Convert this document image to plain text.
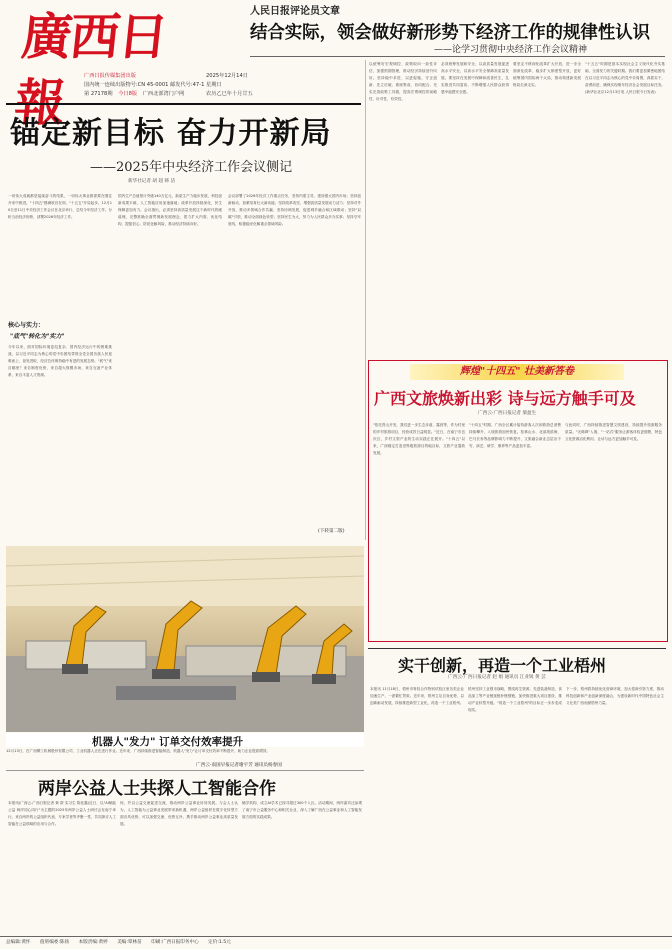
廣西日報	广西日报传媒集团出版
国内统一连续出版物号:CN 45-0001 邮发代号:47-1
第 27178期 今日8版 广西北部湾门户网
2025年12月14日
星期日
农历乙巳年十月廿五
人民日报评论员文章
结合实际，领会做好新形势下经济工作的规律性认识
——论学习贯彻中央经济工作会议精神
以统筹好宏观调控、政策取向一致性评估，加强预期管理，推动经济持续回升向好。坚持稳中求进、以进促稳，守正创新、先立后破，系统集成、协同配合，充实完善政策工具箱，提高宏观调控的前瞻性、针对性、有效性。
必须统筹发展和安全，以高质量发展促进高水平安全，以高水平安全保障高质量发展。要坚持在发展中保障和改善民生，扎实推进共同富裕，不断增强人民群众获得感幸福感安全感。
要坚定不移深化改革扩大开放，进一步全面深化改革，稳步扩大制度型开放，更好统筹国内国际两个大局，推动构建新发展格局走深走实。
"十五五"时期是基本实现社会主义现代化夯实基础、全面发力的关键时期。我们要更加紧密地团结在以习近平同志为核心的党中央周围，真抓实干，奋勇前进，确保实现明年经济社会发展目标任务。(新华社北京12月13日电 人民日报今日发表)
锚定新目标 奋力开新局
——2025年中央经济工作会议侧记
新华社记者 胡 超 韩 洁
一切伟大成就都是接续奋斗的结果，一切伟大事业都需要在继往开来中推进。"十四五"圆满收官在即，"十五五"开局起步。12月10日至11日中央经济工作会议在北京举行，总结今年经济工作，分析当前经济形势，部署2026年经济工作。
核心与实力：
"底气"转化为"实力"
今年以来，面对国际环境更趋复杂、国内经济运行中的困难挑战，以习近平同志为核心的党中央团结带领全党全国各族人民迎难而上、奋发进取，经济总体保持稳中有进的发展态势。"底气"来自哪里？来自制度优势，来自超大规模市场，来自完备产业体系，来自丰富人才资源。
国内生产总值预计突破140万亿元，新质生产力稳步发展，科技创新成果丰硕，人工智能应用加速落地；改革开放持续深化，民生保障更加有力。会议指出，必须坚持高质量发展这个新时代的硬道理，完整准确全面贯彻新发展理念，着力扩大内需、优化结构、提振信心、防范化解风险，推动经济持续向好。
会议部署了2026年经济工作重点任务，坚持内需主导，建设强大国内市场；坚持创新驱动，加紧培育壮大新动能；坚持改革攻坚，增强高质量发展动力活力；坚持对外开放，推动多领域合作共赢；坚持协调发展，促进城乡融合和区域联动；坚持"双碳"引领，推动全面绿色转型；坚持民生为大，努力为人民群众多办实事；坚持守牢底线，积极稳妥化解重点领域风险。
(下转第二版)
辉煌"十四五" 壮美新答卷
广西文旅焕新出彩 诗与远方触手可及
广西云-广西日报记者 梁盈生
"依托青山开发，我们进一步生态步道、露营等，作为村里的乡村旅游项目，经营成效日益明显。"近日，在南宁市良庆区，乡村文旅产业的生动实践正在展开。"十四五"以来，广西锚定打造世界级旅游目的地目标，文旅产业蓬勃发展。
"十四五"时期，广西全区累计接待游客人次和旅游总消费持续攀升，入境旅游加快恢复。桂林山水、北部湾滨海、巴马长寿等品牌影响力不断提升，文旅融合新业态层出不穷，演艺、研学、康养等产品更加丰富。
与此同时，广西持续推进智慧文旅建设，持续提升旅游服务质量。"无障碍"入境、"一站式"服务让游客体验更便捷，特色文化资源活化利用，让诗与远方更加触手可及。
机器人"发力" 订单交付效率提升
12月13日，在广西柳工机械股份有限公司，工业机器人正在进行作业。近年来，广西持续推进智能制造，机器人"发力"让订单交付效率不断提升，助力企业提质增效。
广西云-南国早报记者谢宇芳 通讯员杨春国
两岸公益人士共探人工智能合作
本报讯(广西云-广西日报记者 黄 群 实习生 陈佳鑫)近日，以"AI赋能公益 两岸同心同行"为主题的2025年两岸公益人士研讨会在南宁举行。来自两岸的公益组织代表、专家学者等齐聚一堂，共同探讨人工智能在公益领域的应用与合作。
何，并以公益交流促进交流，推动两岸公益事业协同发展。与会人士认为，人工智能为公益事业发展带来新机遇，两岸公益组织在数字化转型方面各具优势，可以加强交流、优势互补，携手推动两岸公益事业高质量发展。
辅学机构、成立AI学术已探寻超过300个入区。活动期间，两岸嘉宾还参观了南宁市公益服务中心和相关企业，深入了解广西在公益事业和人工智能发展方面的实践成果。
实干创新，再造一个工业梧州
广西云-广西日报记者 赵 娟 通讯员 江业锐 黄 芸
本报讯 11月18日，梧州市粤桂合作特别试验区里各类企业加速生产，一派繁忙景象。近年来，梧州立足自身优势，以创新驱动发展，持续推进新型工业化，再造一个工业梧州。
梧州坚持工业强市战略，围绕再生资源、先进装备制造、食品加工等产业链延链补链强链，加快推进重大项目建设，推动产业转型升级。"再造一个工业梧州"的目标正一步步变成现实。
下一步，梧州将持续优化营商环境，加大招商引资力度，推动科技创新和产业创新深度融合，为建设新时代中国特色社会主义壮美广西贡献梧州力量。
总编辑:黄怀 值班编委:陈扬 本版责编:黄婷 美编:覃林苗 印刷:广西日报印务中心 定价:1.5元
